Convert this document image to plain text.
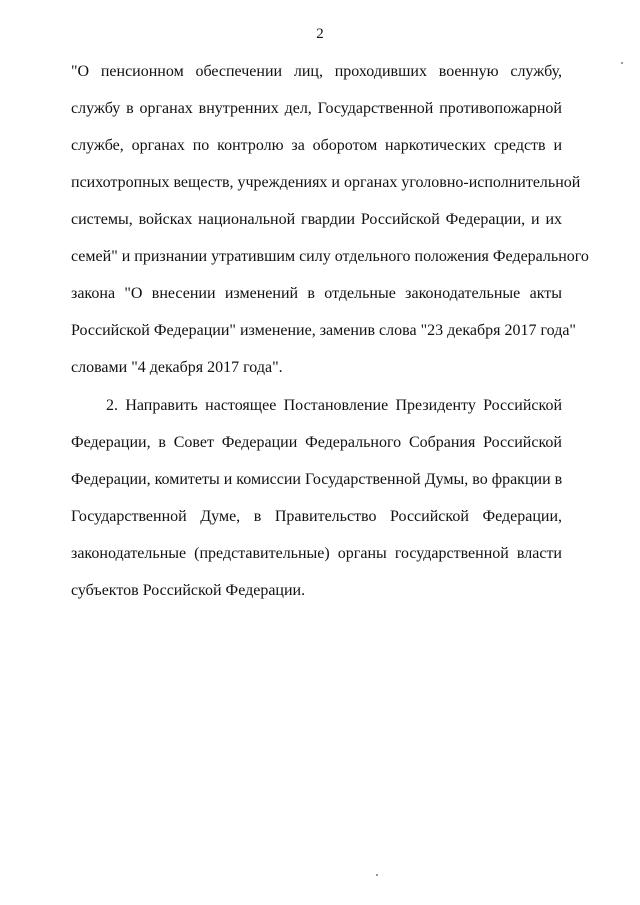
2
"О пенсионном обеспечении лиц, проходивших военную службу,
службу в органах внутренних дел, Государственной противопожарной
службе, органах по контролю за оборотом наркотических средств и
психотропных веществ, учреждениях и органах уголовно-исполнительной
системы, войсках национальной гвардии Российской Федерации, и их
семей" и признании утратившим силу отдельного положения Федерального
закона "О внесении изменений в отдельные законодательные акты
Российской Федерации" изменение, заменив слова "23 декабря 2017 года"
словами "4 декабря 2017 года".
2. Направить настоящее Постановление Президенту Российской
Федерации, в Совет Федерации Федерального Собрания Российской
Федерации, комитеты и комиссии Государственной Думы, во фракции в
Государственной Думе, в Правительство Российской Федерации,
законодательные (представительные) органы государственной власти
субъектов Российской Федерации.
